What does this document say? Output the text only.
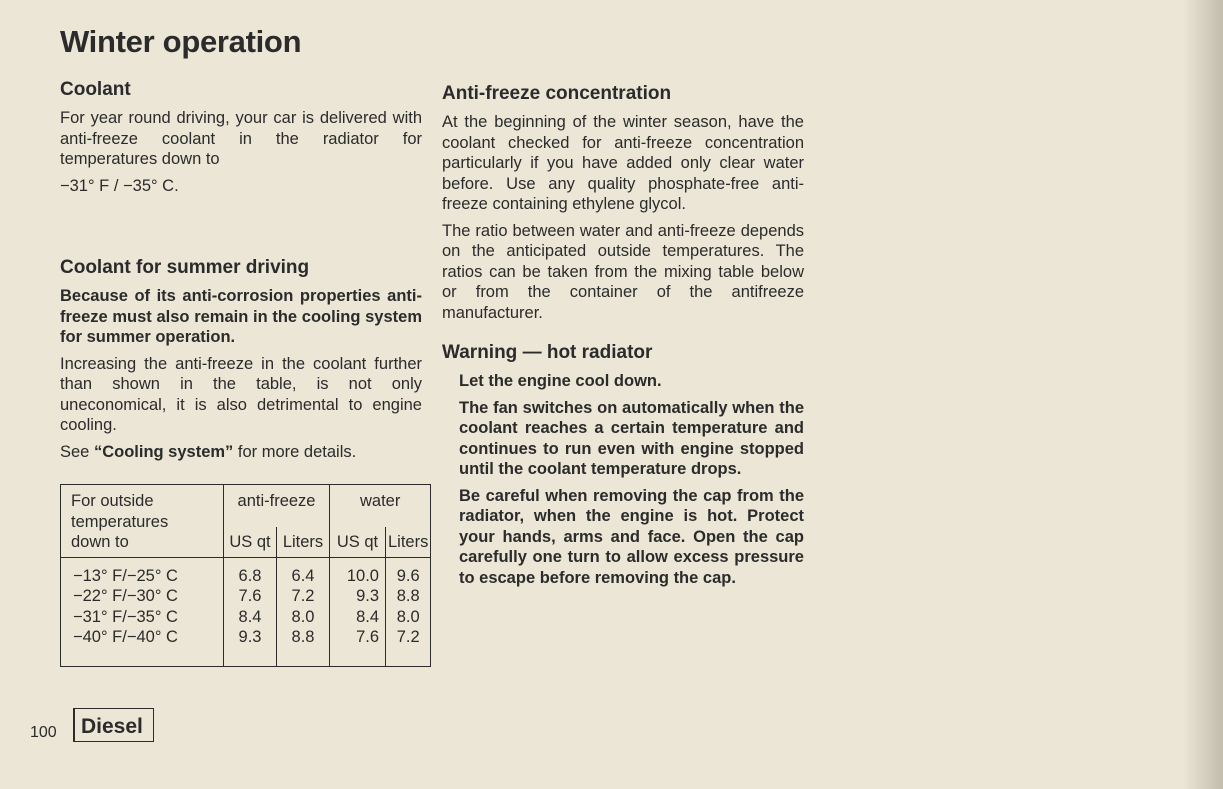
Winter operation
Coolant

For year round driving, your car is delivered with anti-freeze coolant in the radiator for temperatures down to

−31° F / −35° C.

Coolant for summer driving

Because of its anti-corrosion properties anti-freeze must also remain in the cooling system for summer operation.

Increasing the anti-freeze in the coolant further than shown in the table, is not only uneconomical, it is also detrimental to engine cooling.

See “Cooling system” for more details.

For outside
temperatures
down to	anti-freeze		water	
	US qt	Liters	US qt	Liters
−13° F/−25° C	6.8	6.4	10.0	9.6
−22° F/−30° C	7.6	7.2	9.3	8.8
−31° F/−35° C	8.4	8.0	8.4	8.0
−40° F/−40° C	9.3	8.8	7.6	7.2
Anti-freeze concentration

At the beginning of the winter season, have the coolant checked for anti-freeze concentration particularly if you have added only clear water before. Use any quality phosphate-free anti-freeze containing ethylene glycol.

The ratio between water and anti-freeze depends on the anticipated outside temperatures. The ratios can be taken from the mixing table below or from the container of the antifreeze manufacturer.

Warning — hot radiator

Let the engine cool down.

The fan switches on automatically when the coolant reaches a certain temperature and continues to run even with engine stopped until the coolant temperature drops.

Be careful when removing the cap from the radiator, when the engine is hot. Protect your hands, arms and face. Open the cap carefully one turn to allow excess pressure to escape before removing the cap.

100	Diesel
